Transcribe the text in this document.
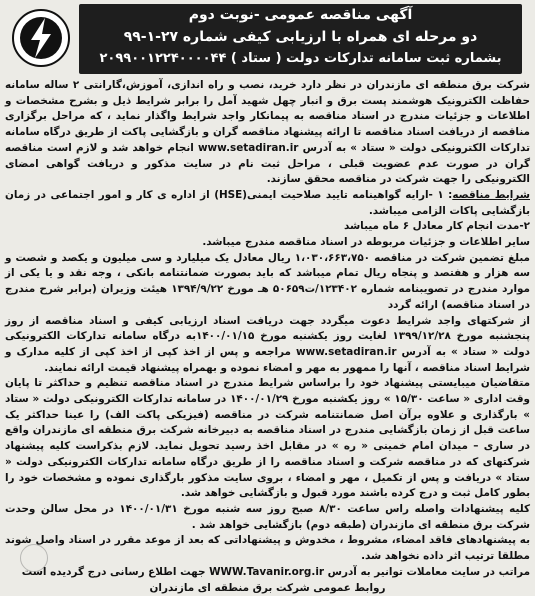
آگهی مناقصه عمومی -نوبت دوم
دو مرحله ای همراه با ارزیابی کیفی شماره ۲۷-۱-۹۹
بشماره ثبت سامانه تدارکات دولت ( ستاد ) ۲۰۹۹۰۰۱۲۲۴۰۰۰۰۴۴

شرکت برق منطقه ای مازندران در نظر دارد خرید، نصب و راه اندازی، آموزش،گارانتی ۲ ساله سامانه حفاظت الکترونیک هوشمند پست برق و انبار چهل شهید آمل را برابر شرایط ذیل و بشرح مشخصات و اطلاعات و جزئیات مندرج در اسناد مناقصه به پیمانکار واجد شرایط واگذار نماید ، که مراحل برگزاری مناقصه از دریافت اسناد مناقصه تا ارائه پیشنهاد مناقصه گران و بازگشایی پاکت از طریق درگاه سامانه تدارکات الکترونیکی دولت « ستاد » به آدرس www.setadiran.ir انجام خواهد شد و لازم است مناقصه گران در صورت عدم عضویت قبلی ، مراحل ثبت نام در سایت مذکور و دریافت گواهی امضای الکترونیکی را جهت شرکت در مناقصه محقق سازند.

شرایط مناقصه: ۱ -ارایه گواهینامه تایید صلاحیت ایمنی(HSE) از اداره ی کار و امور اجتماعی در زمان بازگشایی پاکات الزامی میباشد.

۲-مدت انجام کار معادل ۶ ماه میباشد

سایر اطلاعات و جزئیات مربوطه در اسناد مناقصه مندرج میباشد.

مبلغ تضمین شرکت در مناقصه ۱،۰۳۰،۶۶۳،۷۵۰ ریال معادل یک میلیارد و سی میلیون و یکصد و شصت و سه هزار و هفتصد و پنجاه ریال تمام میباشد که باید بصورت ضمانتنامه بانکی ، وجه نقد و یا یکی از موارد مندرج در تصویبنامه شماره ۱۲۳۴۰۲/ت۵۰۶۵۹ هـ مورخ ۱۳۹۴/۹/۲۲ هیئت وزیران (برابر شرح مندرج در اسناد مناقصه) ارائه گردد

از شرکتهای واجد شرایط دعوت میگردد جهت دریافت اسناد ارزیابی کیفی و اسناد مناقصه از روز پنجشنبه مورخ ۱۳۹۹/۱۲/۲۸ لغایت روز یکشنبه مورخ ۱۴۰۰/۰۱/۱۵به درگاه سامانه تدارکات الکترونیکی دولت « ستاد » به آدرس www.setadiran.ir مراجعه و پس از اخذ کپی از اخذ کپی از کلیه مدارک و شرایط اسناد مناقصه ، آنها را ممهور به مهر و امضاء نموده و بهمراه پیشنهاد قیمت ارائه نمایند.

متقاضیان میبایستی پیشنهاد خود را براساس شرایط مندرج در اسناد مناقصه تنظیم و حداکثر تا پایان وقت اداری « ساعت ۱۵/۳۰ » روز یکشنبه مورخ ۱۴۰۰/۰۱/۲۹ در سامانه تدارکات الکترونیکی دولت « ستاد » بارگذاری و علاوه برآن اصل ضمانتنامه شرکت در مناقصه (فیزیکی پاکت الف) را عینا حداکثر یک ساعت قبل از زمان بازگشایی مندرج در اسناد مناقصه به دبیرخانه شرکت برق منطقه ای مازندران واقع در ساری – میدان امام خمینی « ره » در مقابل اخذ رسید تحویل نماید. لازم بذکراست کلیه پیشنهاد شرکتهای که در مناقصه شرکت و اسناد مناقصه را از طریق درگاه سامانه تدارکات الکترونیکی دولت « ستاد » دریافت و پس از تکمیل ، مهر و امضاء ، بروی سایت مذکور بارگذاری نموده و مشخصات خود را بطور کامل ثبت و درج کرده باشند مورد قبول و بازگشایی خواهد شد.

کلیه پیشنهادات واصله راس ساعت ۸/۳۰ صبح روز سه شنبه مورخ ۱۴۰۰/۰۱/۳۱ در محل سالن وحدت شرکت برق منطقه ای مازندران (طبقه دوم) بازگشایی خواهد شد .

به پیشنهادهای فاقد امضاء، مشروط ، مخدوش و پیشنهاداتی که بعد از موعد مقرر در اسناد واصل شوند مطلقا ترتیب اثر داده نخواهد شد.

مراتب در سایت معاملات توانیر به آدرس WWW.Tavanir.org.ir جهت اطلاع رسانی درج گردیده است

روابط عمومی شرکت برق منطقه ای مازندران
